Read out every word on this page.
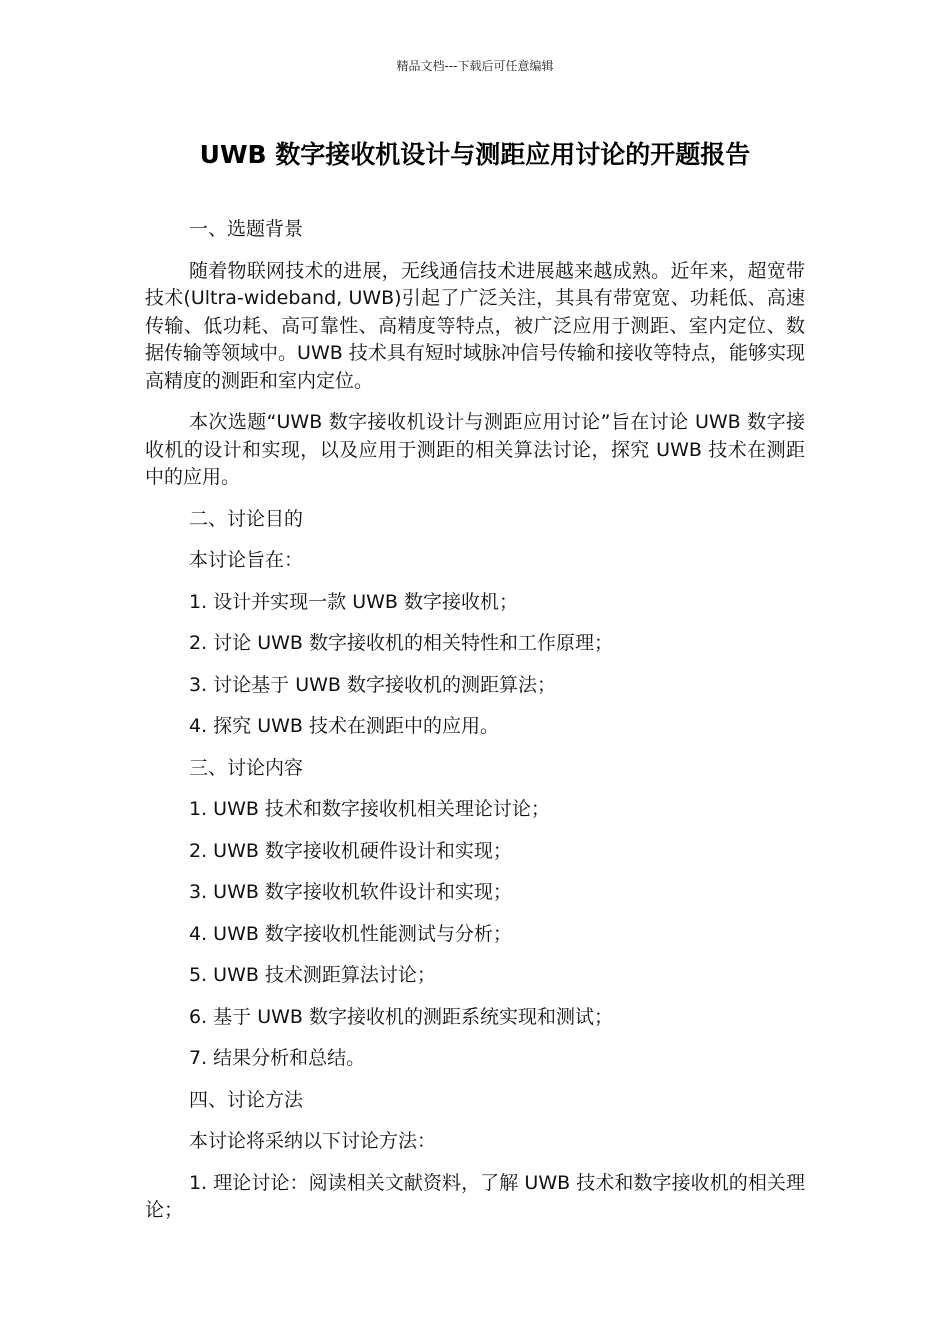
精品文档---下载后可任意编辑
UWB 数字接收机设计与测距应用讨论的开题报告

一、选题背景

随着物联网技术的进展，无线通信技术进展越来越成熟。近年来，超宽带技术(Ultra-wideband, UWB)引起了广泛关注，其具有带宽宽、功耗低、高速传输、低功耗、高可靠性、高精度等特点，被广泛应用于测距、室内定位、数据传输等领域中。UWB 技术具有短时域脉冲信号传输和接收等特点，能够实现高精度的测距和室内定位。

本次选题“UWB 数字接收机设计与测距应用讨论”旨在讨论 UWB 数字接收机的设计和实现，以及应用于测距的相关算法讨论，探究 UWB 技术在测距中的应用。

二、讨论目的

本讨论旨在：

1. 设计并实现一款 UWB 数字接收机；

2. 讨论 UWB 数字接收机的相关特性和工作原理；

3. 讨论基于 UWB 数字接收机的测距算法；

4. 探究 UWB 技术在测距中的应用。

三、讨论内容

1. UWB 技术和数字接收机相关理论讨论；

2. UWB 数字接收机硬件设计和实现；

3. UWB 数字接收机软件设计和实现；

4. UWB 数字接收机性能测试与分析；

5. UWB 技术测距算法讨论；

6. 基于 UWB 数字接收机的测距系统实现和测试；

7. 结果分析和总结。

四、讨论方法

本讨论将采纳以下讨论方法：

1. 理论讨论：阅读相关文献资料，了解 UWB 技术和数字接收机的相关理论；
